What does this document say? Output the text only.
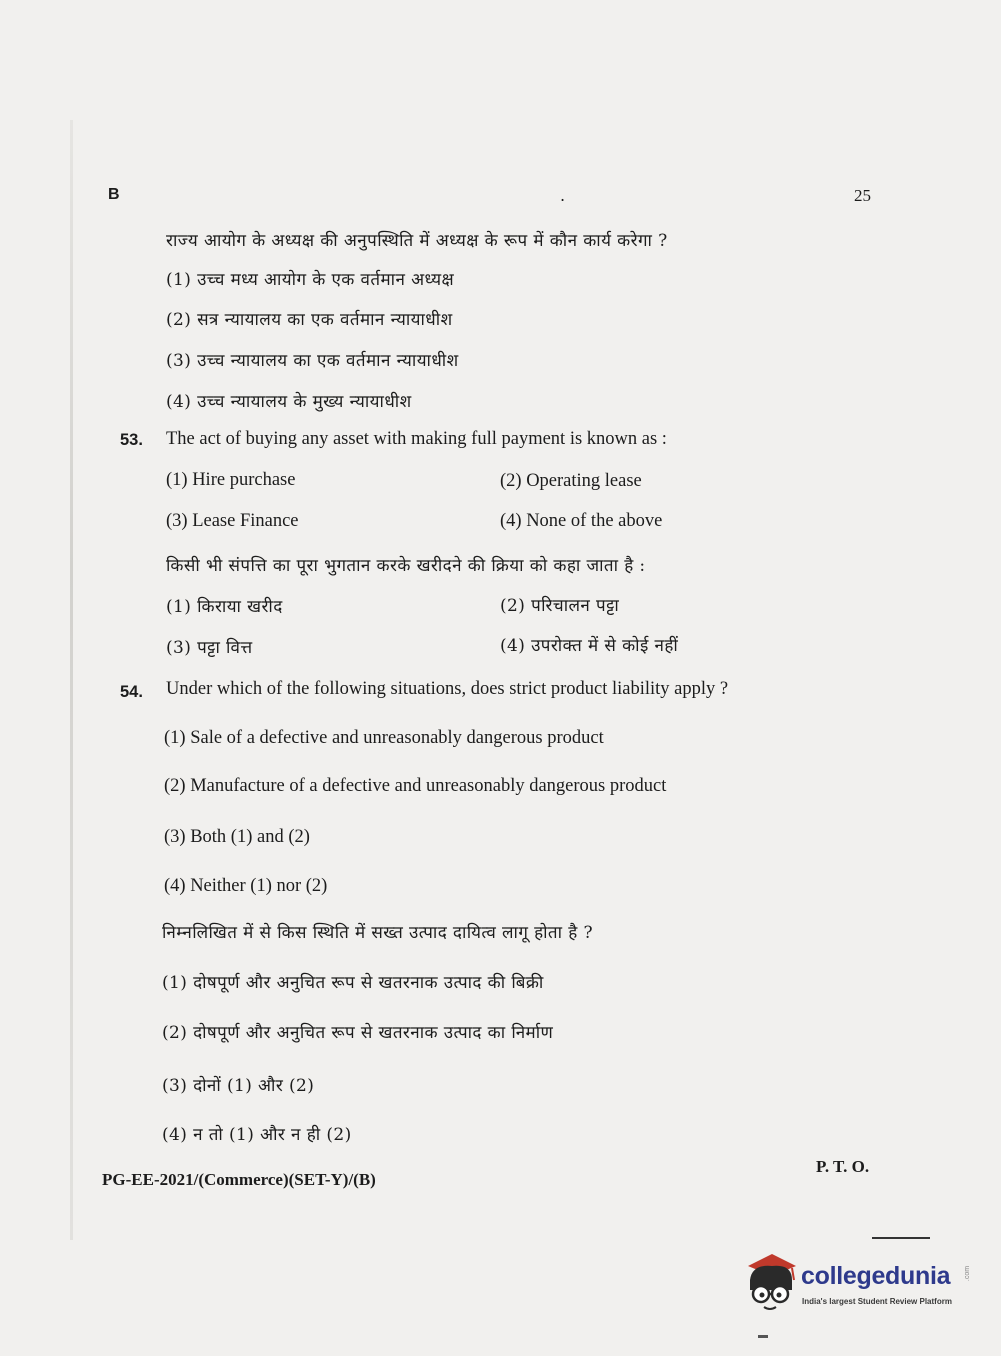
B	.	25
राज्य आयोग के अध्यक्ष की अनुपस्थिति में अध्यक्ष के रूप में कौन कार्य करेगा ?
(1) उच्च मध्य आयोग के एक वर्तमान अध्यक्ष
(2) सत्र न्यायालय का एक वर्तमान न्यायाधीश
(3) उच्च न्यायालय का एक वर्तमान न्यायाधीश
(4) उच्च न्यायालय के मुख्य न्यायाधीश
53. The act of buying any asset with making full payment is known as :
(1) Hire purchase	(2) Operating lease
(3) Lease Finance	(4) None of the above
किसी भी संपत्ति का पूरा भुगतान करके खरीदने की क्रिया को कहा जाता है :
(1) किराया खरीद	(2) परिचालन पट्टा
(3) पट्टा वित्त	(4) उपरोक्त में से कोई नहीं
54. Under which of the following situations, does strict product liability apply ?
(1) Sale of a defective and unreasonably dangerous product
(2) Manufacture of a defective and unreasonably dangerous product
(3) Both (1) and (2)
(4) Neither (1) nor (2)
निम्नलिखित में से किस स्थिति में सख्त उत्पाद दायित्व लागू होता है ?
(1) दोषपूर्ण और अनुचित रूप से खतरनाक उत्पाद की बिक्री
(2) दोषपूर्ण और अनुचित रूप से खतरनाक उत्पाद का निर्माण
(3) दोनों (1) और (2)
(4) न तो (1) और न ही (2)
PG-EE-2021/(Commerce)(SET-Y)/(B)
P. T. O.
collegedunia .com
India's largest Student Review Platform
